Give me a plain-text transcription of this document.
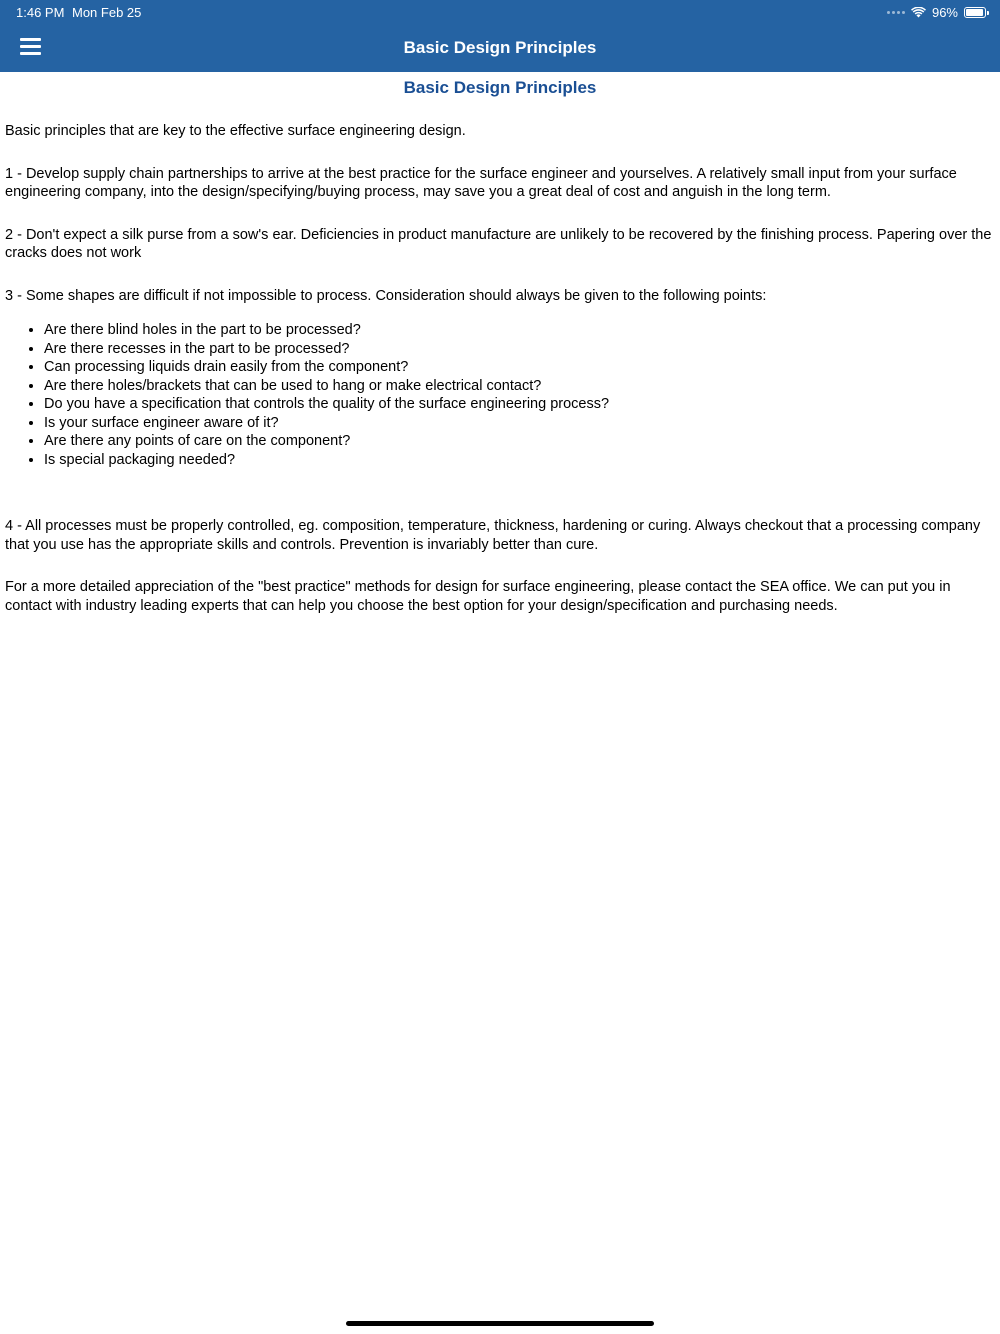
1:46 PM Mon Feb 25	96%
Basic Design Principles
Basic Design Principles

Basic principles that are key to the effective surface engineering design.

1 - Develop supply chain partnerships to arrive at the best practice for the surface engineer and yourselves. A relatively small input from your surface engineering company, into the design/specifying/buying process, may save you a great deal of cost and anguish in the long term.

2 - Don't expect a silk purse from a sow's ear. Deficiencies in product manufacture are unlikely to be recovered by the finishing process. Papering over the cracks does not work

3 - Some shapes are difficult if not impossible to process. Consideration should always be given to the following points:

• Are there blind holes in the part to be processed?
• Are there recesses in the part to be processed?
• Can processing liquids drain easily from the component?
• Are there holes/brackets that can be used to hang or make electrical contact?
• Do you have a specification that controls the quality of the surface engineering process?
• Is your surface engineer aware of it?
• Are there any points of care on the component?
• Is special packaging needed?

4 - All processes must be properly controlled, eg. composition, temperature, thickness, hardening or curing. Always checkout that a processing company that you use has the appropriate skills and controls. Prevention is invariably better than cure.

For a more detailed appreciation of the "best practice" methods for design for surface engineering, please contact the SEA office. We can put you in contact with industry leading experts that can help you choose the best option for your design/specification and purchasing needs.
